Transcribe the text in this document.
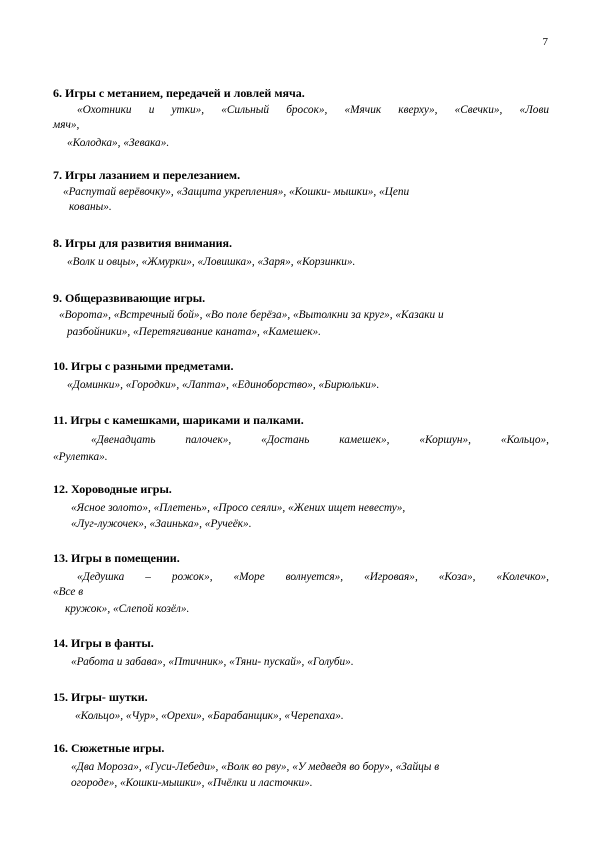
7
6. Игры с метанием, передачей и ловлей мяча.
«Охотники и утки», «Сильный бросок», «Мячик кверху», «Свечки», «Лови
мяч»,
«Колодка», «Зевака».
7. Игры лазанием и перелезанием.
«Распутай верёвочку», «Защита укрепления», «Кошки- мышки», «Цепи
кованы».
8. Игры для развития внимания.
«Волк и овцы», «Жмурки», «Ловишка», «Заря», «Корзинки».
9. Общеразвивающие игры.
«Ворота», «Встречный бой», «Во поле берёза», «Вытолкни за круг», «Казаки и
разбойники», «Перетягивание каната», «Камешек».
10. Игры с разными предметами.
«Доминки», «Городки», «Лапта», «Единоборство», «Бирюльки».
11. Игры с камешками, шариками и палками.
«Двенадцать	палочек»,	«Достань	камешек»,	«Коршун»,	«Кольцо»,
«Рулетка».
12. Хороводные игры.
«Ясное золото», «Плетень», «Просо сеяли», «Жених ищет невесту»,
«Луг-лужочек», «Заинька», «Ручеёк».
13. Игры в помещении.
«Дедушка – рожок», «Море волнуется», «Игровая», «Коза», «Колечко»,
«Все в
кружок», «Слепой козёл».
14. Игры в фанты.
«Работа и забава», «Птичник», «Тяни- пускай», «Голуби».
15. Игры- шутки.
«Кольцо», «Чур», «Орехи», «Барабанщик», «Черепаха».
16. Сюжетные игры.
«Два Мороза», «Гуси-Лебеди», «Волк во рву», «У медведя во бору», «Зайцы в
огороде», «Кошки-мышки», «Пчёлки и ласточки».
